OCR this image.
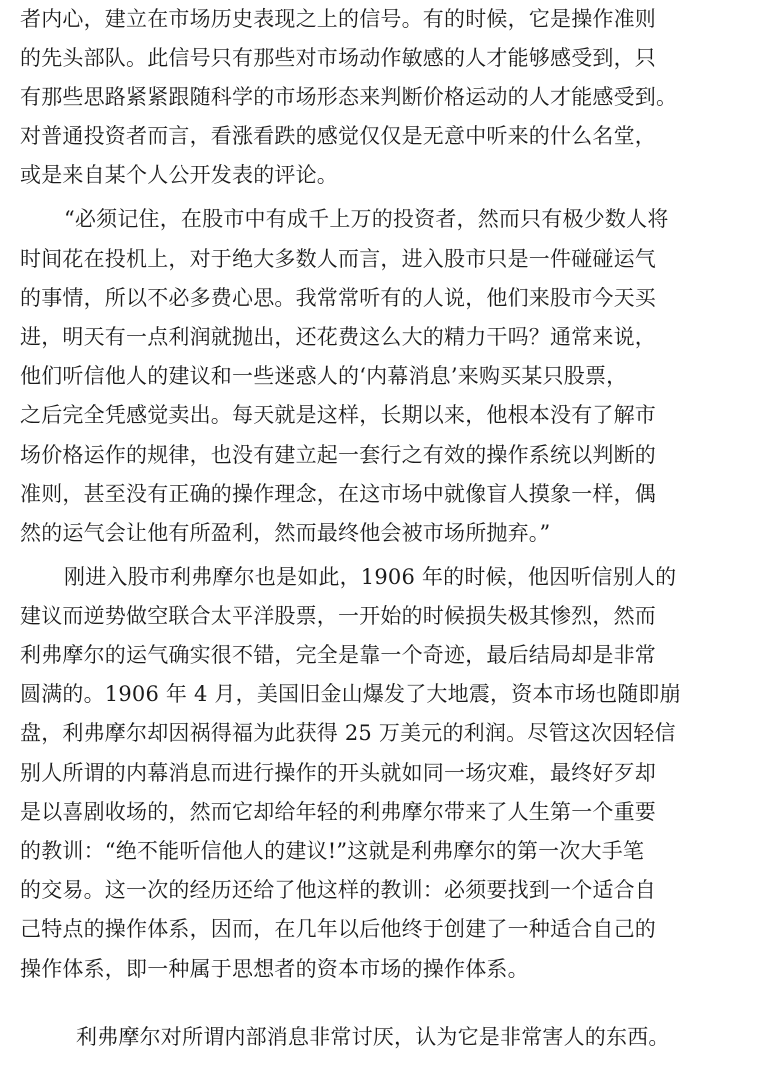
者内心，建立在市场历史表现之上的信号。有的时候，它是操作准则
的先头部队。此信号只有那些对市场动作敏感的人才能够感受到，只
有那些思路紧紧跟随科学的市场形态来判断价格运动的人才能感受到。
对普通投资者而言，看涨看跌的感觉仅仅是无意中听来的什么名堂，
或是来自某个人公开发表的评论。
“必须记住，在股市中有成千上万的投资者，然而只有极少数人将
时间花在投机上，对于绝大多数人而言，进入股市只是一件碰碰运气
的事情，所以不必多费心思。我常常听有的人说，他们来股市今天买
进，明天有一点利润就抛出，还花费这么大的精力干吗？通常来说，
他们听信他人的建议和一些迷惑人的‘内幕消息’来购买某只股票，
之后完全凭感觉卖出。每天就是这样，长期以来，他根本没有了解市
场价格运作的规律，也没有建立起一套行之有效的操作系统以判断的
准则，甚至没有正确的操作理念，在这市场中就像盲人摸象一样，偶
然的运气会让他有所盈利，然而最终他会被市场所抛弃。”
刚进入股市利弗摩尔也是如此，1906 年的时候，他因听信别人的
建议而逆势做空联合太平洋股票，一开始的时候损失极其惨烈，然而
利弗摩尔的运气确实很不错，完全是靠一个奇迹，最后结局却是非常
圆满的。1906 年 4 月，美国旧金山爆发了大地震，资本市场也随即崩
盘，利弗摩尔却因祸得福为此获得 25 万美元的利润。尽管这次因轻信
别人所谓的内幕消息而进行操作的开头就如同一场灾难，最终好歹却
是以喜剧收场的，然而它却给年轻的利弗摩尔带来了人生第一个重要
的教训：“绝不能听信他人的建议!”这就是利弗摩尔的第一次大手笔
的交易。这一次的经历还给了他这样的教训：必须要找到一个适合自
己特点的操作体系，因而，在几年以后他终于创建了一种适合自己的
操作体系，即一种属于思想者的资本市场的操作体系。
利弗摩尔对所谓内部消息非常讨厌，认为它是非常害人的东西。
